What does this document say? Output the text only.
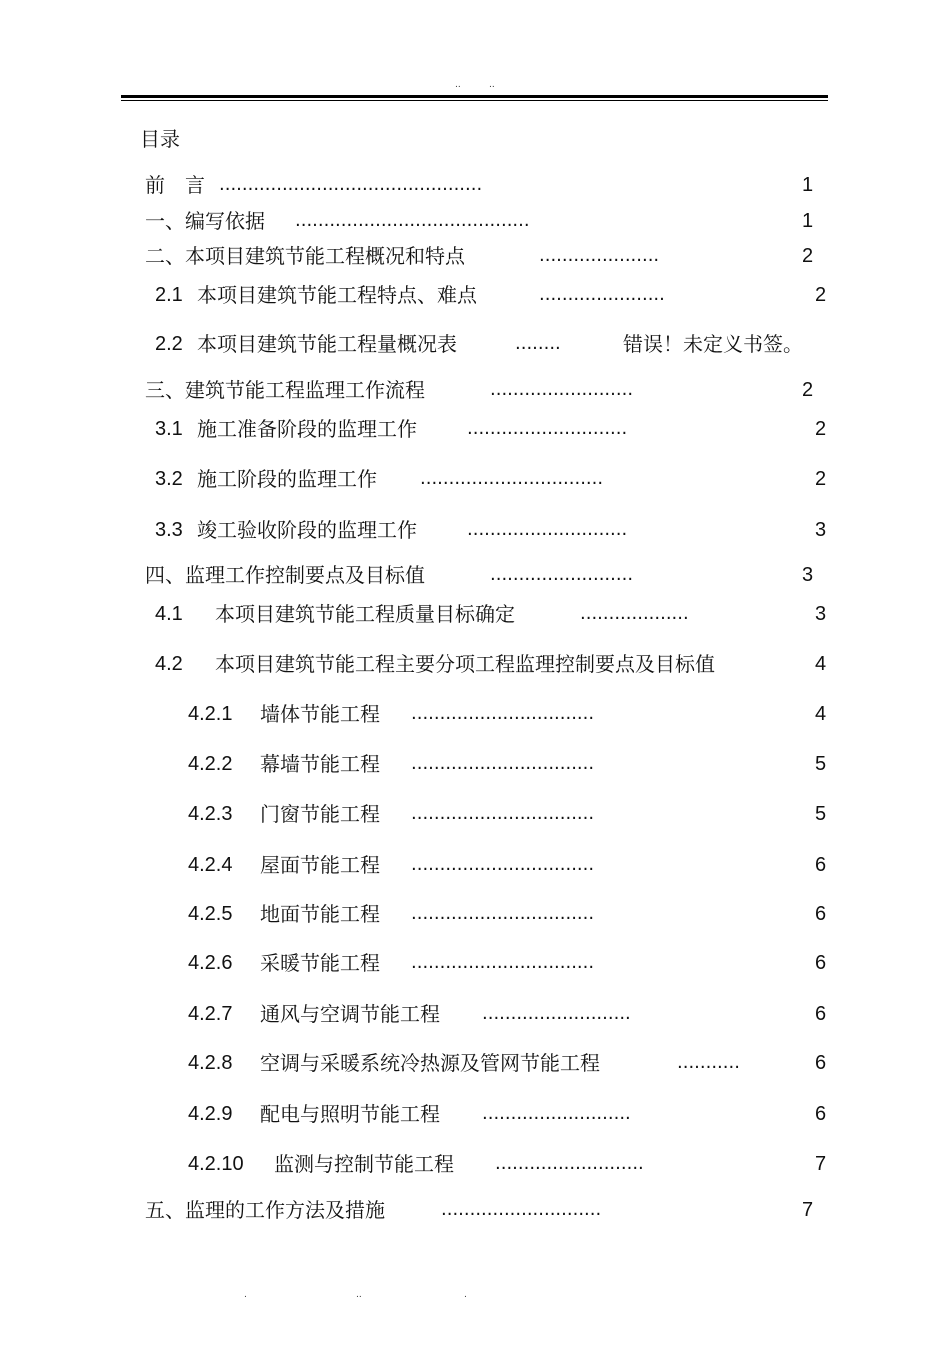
..	..
目录
前　言 ..............................................	1
一、编写依据 .........................................	1
二、本项目建筑节能工程概况和特点	.....................	2
2.1 本项目建筑节能工程特点、难点	......................	2
2.2 本项目建筑节能工程量概况表	........	错误！未定义书签。
三、建筑节能工程监理工作流程	.........................	2
3.1 施工准备阶段的监理工作	............................	2
3.2 施工阶段的监理工作 ................................	2
3.3 竣工验收阶段的监理工作	............................	3
四、监理工作控制要点及目标值	.........................	3
4.1 本项目建筑节能工程质量目标确定	...................	3
4.2 本项目建筑节能工程主要分项工程监理控制要点及目标值	4
4.2.1 墙体节能工程 ................................	4
4.2.2 幕墙节能工程 ................................	5
4.2.3 门窗节能工程 ................................	5
4.2.4 屋面节能工程 ................................	6
4.2.5 地面节能工程 ................................	6
4.2.6 采暖节能工程 ................................	6
4.2.7 通风与空调节能工程 ..........................	6
4.2.8 空调与采暖系统冷热源及管网节能工程	...........	6
4.2.9 配电与照明节能工程 ..........................	6
4.2.10 监测与控制节能工程 ..........................	7
五、监理的工作方法及措施	............................	7
.	..	.
